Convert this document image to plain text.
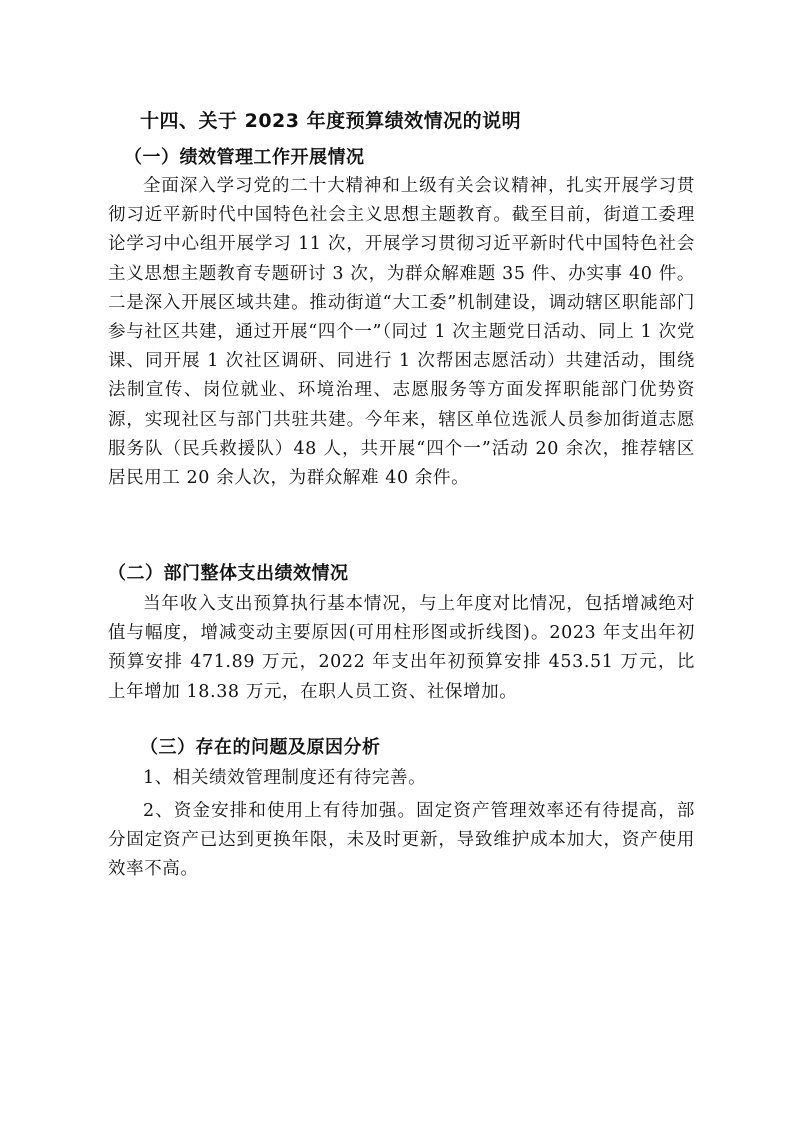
十四、关于 2023 年度预算绩效情况的说明
（一）绩效管理工作开展情况

全面深入学习党的二十大精神和上级有关会议精神，扎实开展学习贯彻习近平新时代中国特色社会主义思想主题教育。截至目前，街道工委理论学习中心组开展学习 11 次，开展学习贯彻习近平新时代中国特色社会主义思想主题教育专题研讨 3 次，为群众解难题 35 件、办实事 40 件。二是深入开展区域共建。推动街道“大工委”机制建设，调动辖区职能部门参与社区共建，通过开展“四个一”（同过 1 次主题党日活动、同上 1 次党课、同开展 1 次社区调研、同进行 1 次帮困志愿活动）共建活动，围绕法制宣传、岗位就业、环境治理、志愿服务等方面发挥职能部门优势资源，实现社区与部门共驻共建。今年来，辖区单位选派人员参加街道志愿服务队（民兵救援队）48 人，共开展“四个一”活动 20 余次，推荐辖区居民用工 20 余人次，为群众解难 40 余件。

（二）部门整体支出绩效情况

当年收入支出预算执行基本情况，与上年度对比情况，包括增减绝对值与幅度，增减变动主要原因(可用柱形图或折线图)。2023 年支出年初预算安排 471.89 万元，2022 年支出年初预算安排 453.51 万元，比上年增加 18.38 万元，在职人员工资、社保增加。

（三）存在的问题及原因分析

1、相关绩效管理制度还有待完善。

2、资金安排和使用上有待加强。固定资产管理效率还有待提高，部分固定资产已达到更换年限，未及时更新，导致维护成本加大，资产使用效率不高。
